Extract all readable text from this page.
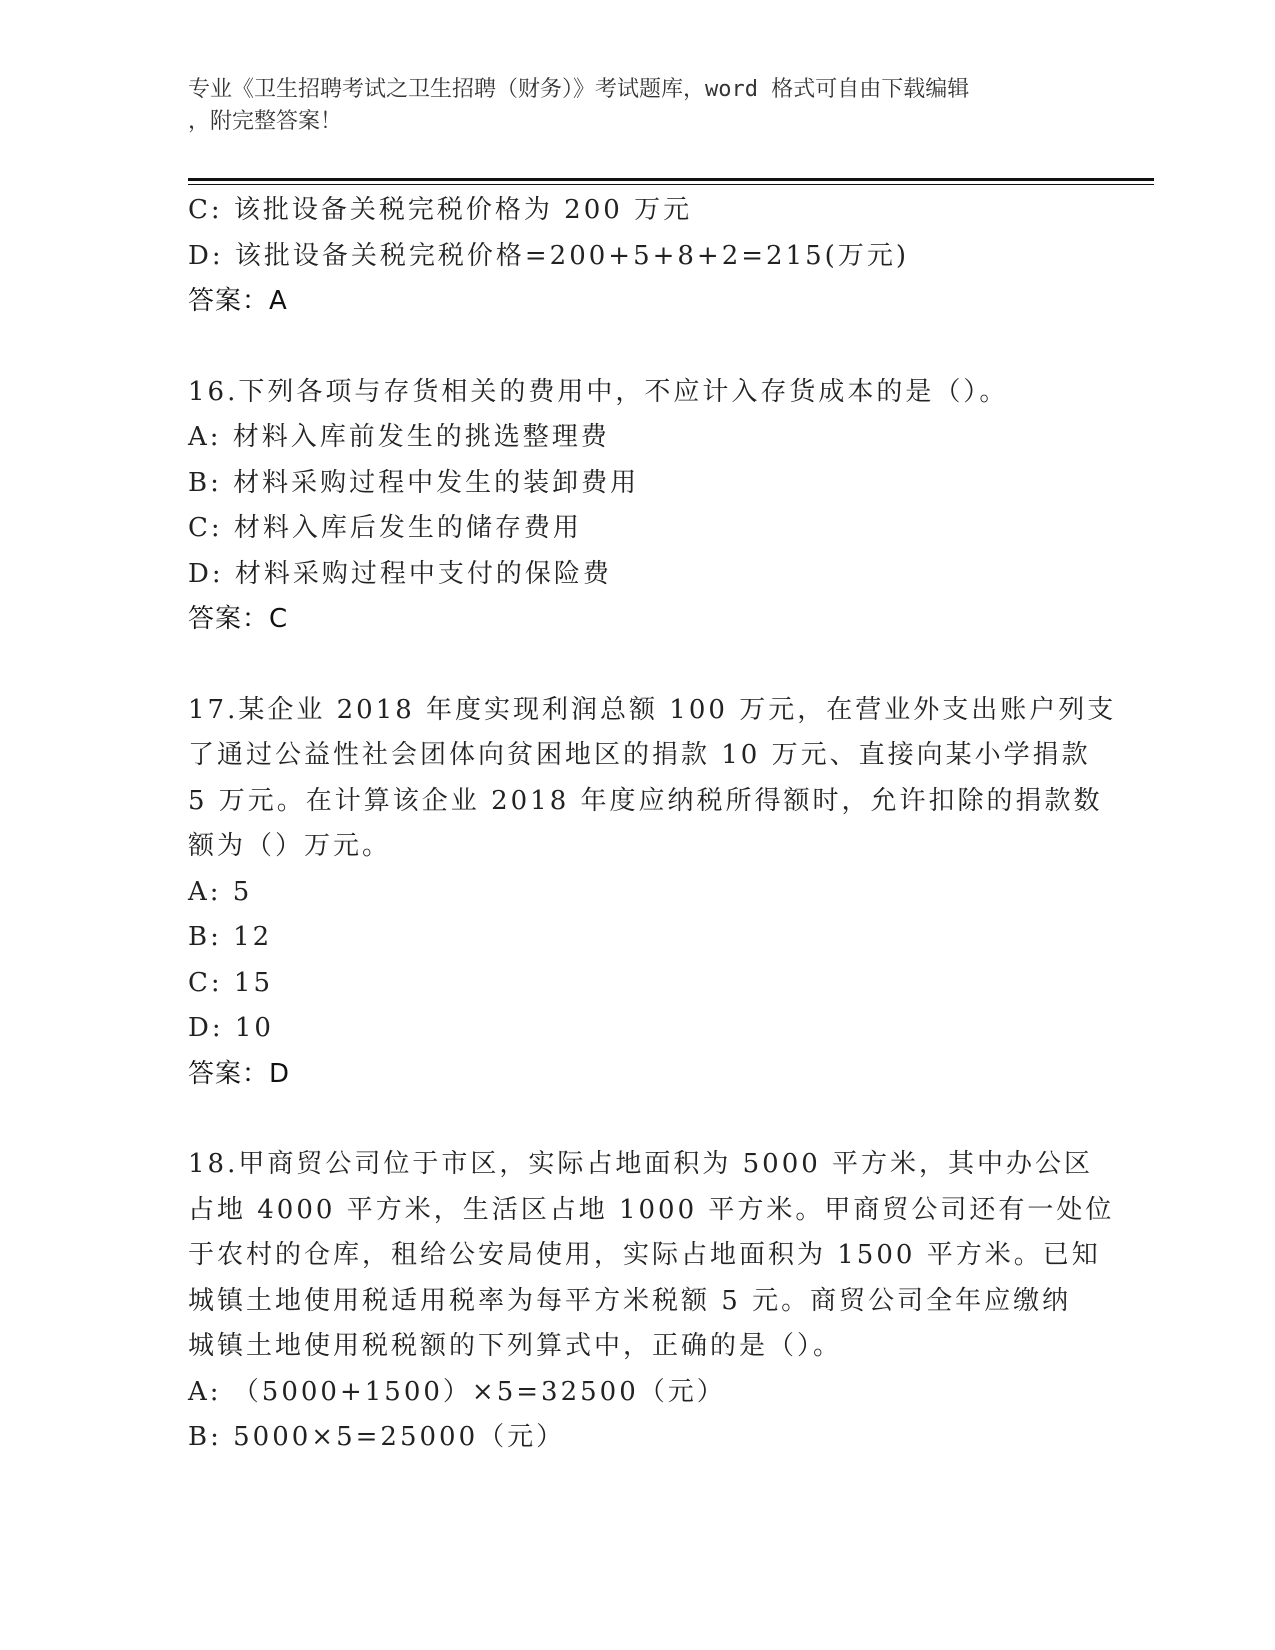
专业《卫生招聘考试之卫生招聘（财务）》考试题库，word 格式可自由下载编辑
，附完整答案！
C: 该批设备关税完税价格为 200 万元
D: 该批设备关税完税价格=200+5+8+2=215(万元)
答案：A
16.下列各项与存货相关的费用中，不应计入存货成本的是（）。
A: 材料入库前发生的挑选整理费
B: 材料采购过程中发生的装卸费用
C: 材料入库后发生的储存费用
D: 材料采购过程中支付的保险费
答案：C
17.某企业 2018 年度实现利润总额 100 万元，在营业外支出账户列支
了通过公益性社会团体向贫困地区的捐款 10 万元、直接向某小学捐款
5 万元。在计算该企业 2018 年度应纳税所得额时，允许扣除的捐款数
额为（）万元。
A: 5
B: 12
C: 15
D: 10
答案：D
18.甲商贸公司位于市区，实际占地面积为 5000 平方米，其中办公区
占地 4000 平方米，生活区占地 1000 平方米。甲商贸公司还有一处位
于农村的仓库，租给公安局使用，实际占地面积为 1500 平方米。已知
城镇土地使用税适用税率为每平方米税额 5 元。商贸公司全年应缴纳
城镇土地使用税税额的下列算式中，正确的是（）。
A: （5000+1500）×5=32500（元）
B: 5000×5=25000（元）
